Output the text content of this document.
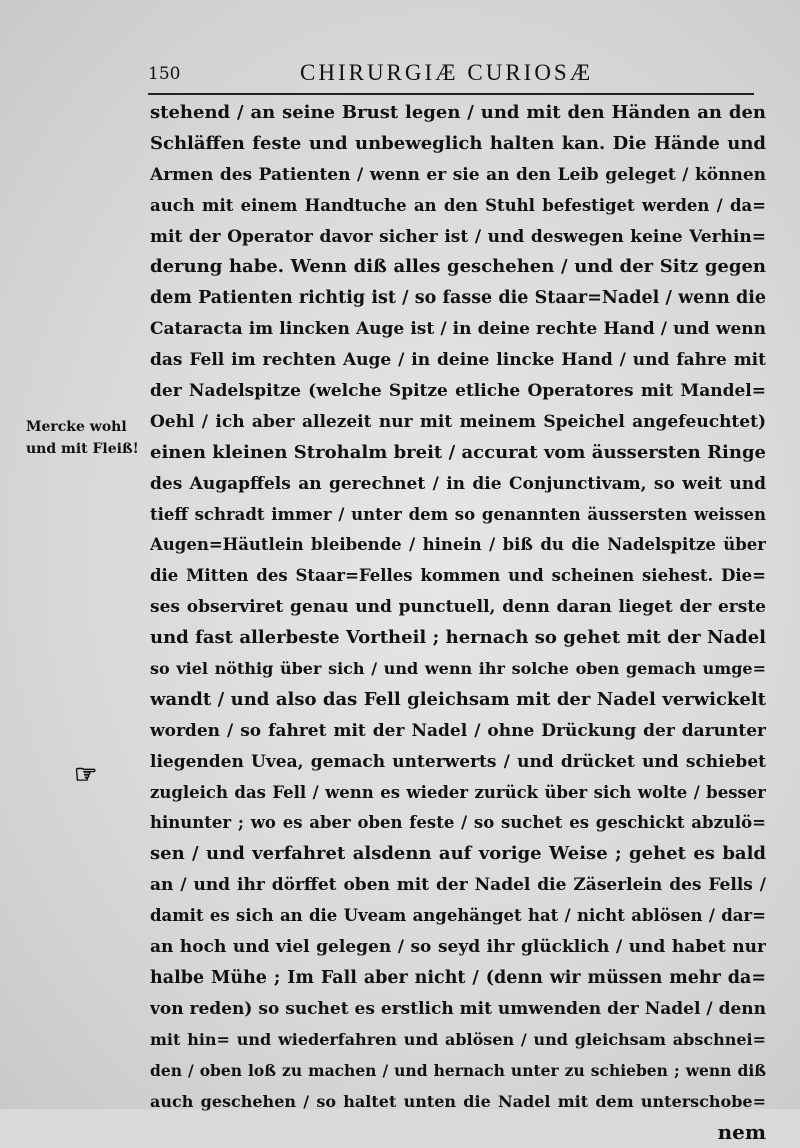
150	CHIRURGIÆ CURIOSÆ
Mercke wohl
und mit Fleiß!
☞
stehend / an seine Brust legen / und mit den Händen an den
Schläffen feste und unbeweglich halten kan. Die Hände und
Armen des Patienten / wenn er sie an den Leib geleget / können
auch mit einem Handtuche an den Stuhl befestiget werden / da=
mit der Operator davor sicher ist / und deswegen keine Verhin=
derung habe. Wenn diß alles geschehen / und der Sitz gegen
dem Patienten richtig ist / so fasse die Staar=Nadel / wenn die
Cataracta im lincken Auge ist / in deine rechte Hand / und wenn
das Fell im rechten Auge / in deine lincke Hand / und fahre mit
der Nadelspitze (welche Spitze etliche Operatores mit Mandel=
Oehl / ich aber allezeit nur mit meinem Speichel angefeuchtet)
einen kleinen Strohalm breit / accurat vom äussersten Ringe
des Augapffels an gerechnet / in die Conjunctivam, so weit und
tieff schradt immer / unter dem so genannten äussersten weissen
Augen=Häutlein bleibende / hinein / biß du die Nadelspitze über
die Mitten des Staar=Felles kommen und scheinen siehest. Die=
ses observiret genau und punctuell, denn daran lieget der erste
und fast allerbeste Vortheil ; hernach so gehet mit der Nadel
so viel nöthig über sich / und wenn ihr solche oben gemach umge=
wandt / und also das Fell gleichsam mit der Nadel verwickelt
worden / so fahret mit der Nadel / ohne Drückung der darunter
liegenden Uvea, gemach unterwerts / und drücket und schiebet
zugleich das Fell / wenn es wieder zurück über sich wolte / besser
hinunter ; wo es aber oben feste / so suchet es geschickt abzulö=
sen / und verfahret alsdenn auf vorige Weise ; gehet es bald
an / und ihr dörffet oben mit der Nadel die Zäserlein des Fells /
damit es sich an die Uveam angehänget hat / nicht ablösen / dar=
an hoch und viel gelegen / so seyd ihr glücklich / und habet nur
halbe Mühe ; Im Fall aber nicht / (denn wir müssen mehr da=
von reden) so suchet es erstlich mit umwenden der Nadel / denn
mit hin= und wiederfahren und ablösen / und gleichsam abschnei=
den / oben loß zu machen / und hernach unter zu schieben ; wenn diß
auch geschehen / so haltet unten die Nadel mit dem unterschobe=
nem
